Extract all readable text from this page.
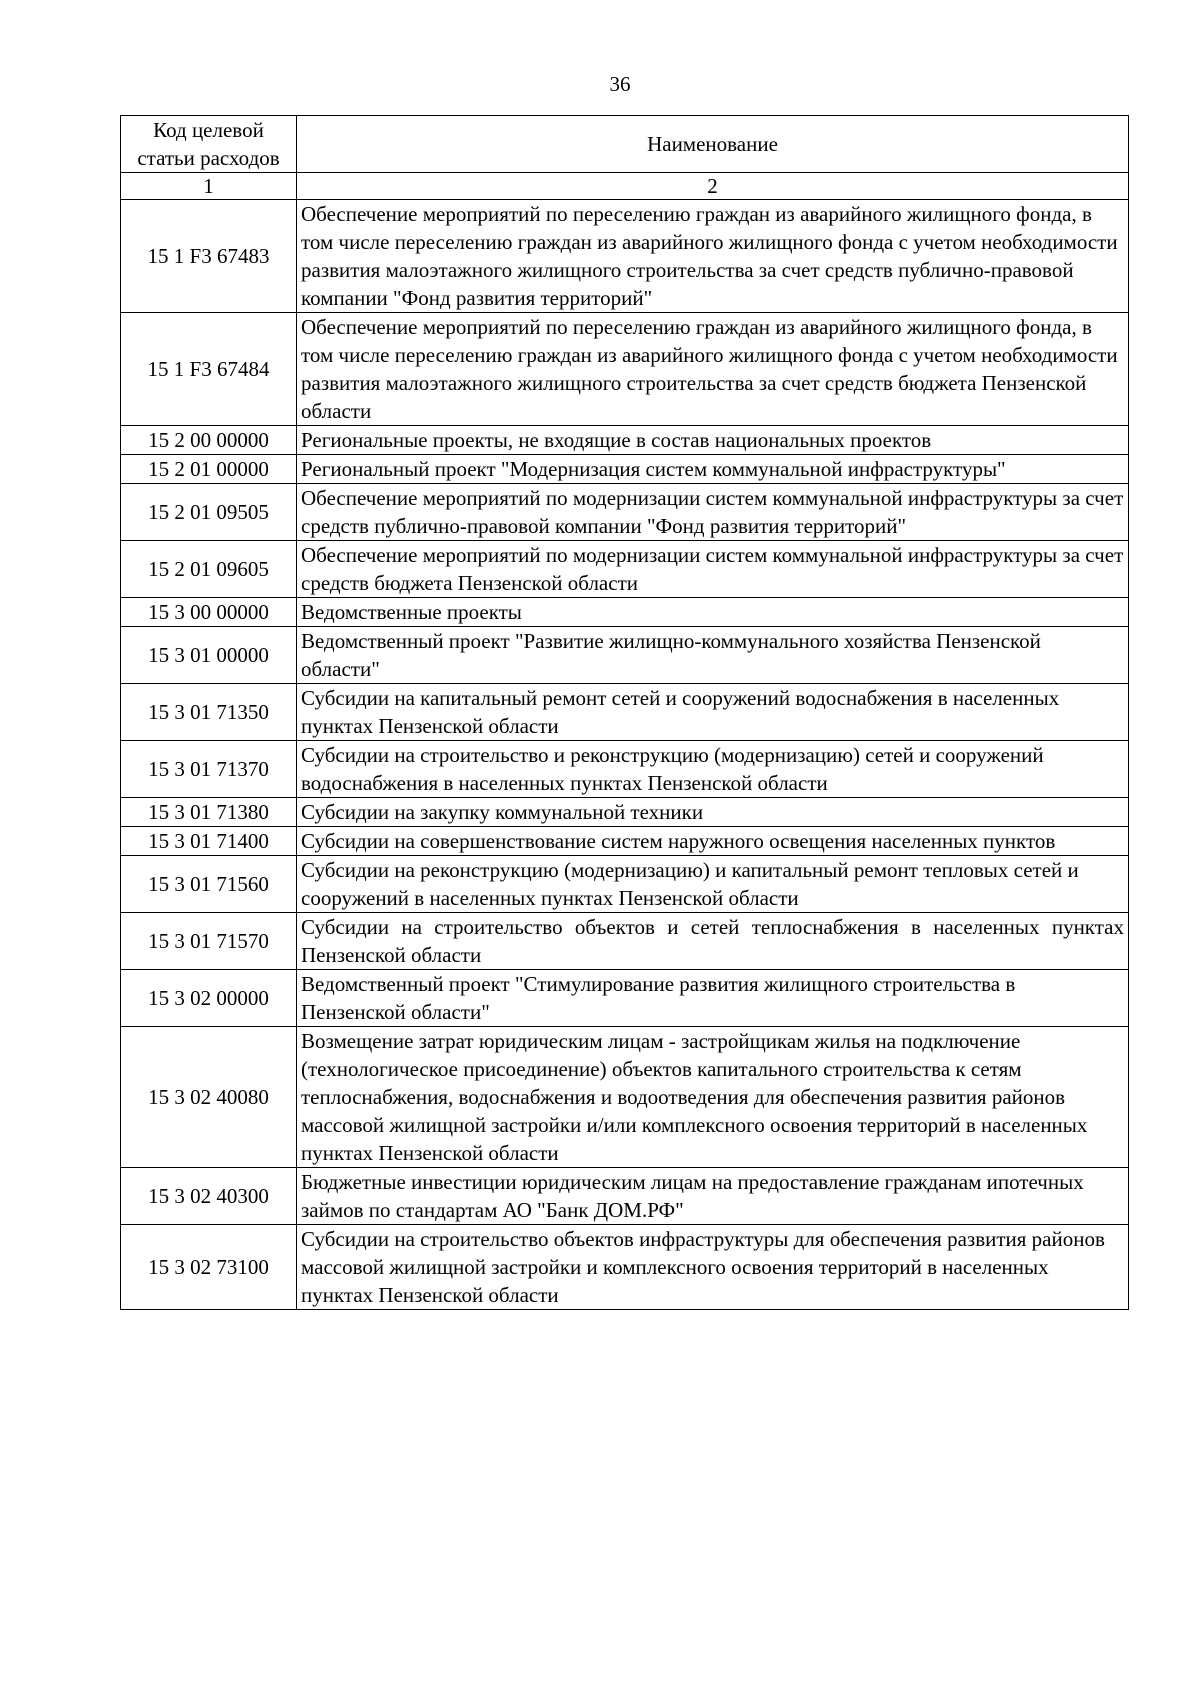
36
Код целевой статьи расходов	Наименование
1	2
15 1 F3 67483	Обеспечение мероприятий по переселению граждан из аварийного жилищного фонда, в том числе переселению граждан из аварийного жилищного фонда с учетом необходимости развития малоэтажного жилищного строительства за счет средств публично-правовой компании "Фонд развития территорий"
15 1 F3 67484	Обеспечение мероприятий по переселению граждан из аварийного жилищного фонда, в том числе переселению граждан из аварийного жилищного фонда с учетом необходимости развития малоэтажного жилищного строительства за счет средств бюджета Пензенской области
15 2 00 00000	Региональные проекты, не входящие в состав национальных проектов
15 2 01 00000	Региональный проект "Модернизация систем коммунальной инфраструктуры"
15 2 01 09505	Обеспечение мероприятий по модернизации систем коммунальной инфраструктуры за счет средств публично-правовой компании "Фонд развития территорий"
15 2 01 09605	Обеспечение мероприятий по модернизации систем коммунальной инфраструктуры за счет средств бюджета Пензенской области
15 3 00 00000	Ведомственные проекты
15 3 01 00000	Ведомственный проект "Развитие жилищно-коммунального хозяйства Пензенской области"
15 3 01 71350	Субсидии на капитальный ремонт сетей и сооружений водоснабжения в населенных пунктах Пензенской области
15 3 01 71370	Субсидии на строительство и реконструкцию (модернизацию) сетей и сооружений водоснабжения в населенных пунктах Пензенской области
15 3 01 71380	Субсидии на закупку коммунальной техники
15 3 01 71400	Субсидии на совершенствование систем наружного освещения населенных пунктов
15 3 01 71560	Субсидии на реконструкцию (модернизацию) и капитальный ремонт тепловых сетей и сооружений в населенных пунктах Пензенской области
15 3 01 71570	Субсидии на строительство объектов и сетей теплоснабжения в населенных пунктах Пензенской области
15 3 02 00000	Ведомственный проект "Стимулирование развития жилищного строительства в Пензенской области"
15 3 02 40080	Возмещение затрат юридическим лицам - застройщикам жилья на подключение (технологическое присоединение) объектов капитального строительства к сетям теплоснабжения, водоснабжения и водоотведения для обеспечения развития районов массовой жилищной застройки и/или комплексного освоения территорий в населенных пунктах Пензенской области
15 3 02 40300	Бюджетные инвестиции юридическим лицам на предоставление гражданам ипотечных займов по стандартам АО "Банк ДОМ.РФ"
15 3 02 73100	Субсидии на строительство объектов инфраструктуры для обеспечения развития районов массовой жилищной застройки и комплексного освоения территорий в населенных пунктах Пензенской области
